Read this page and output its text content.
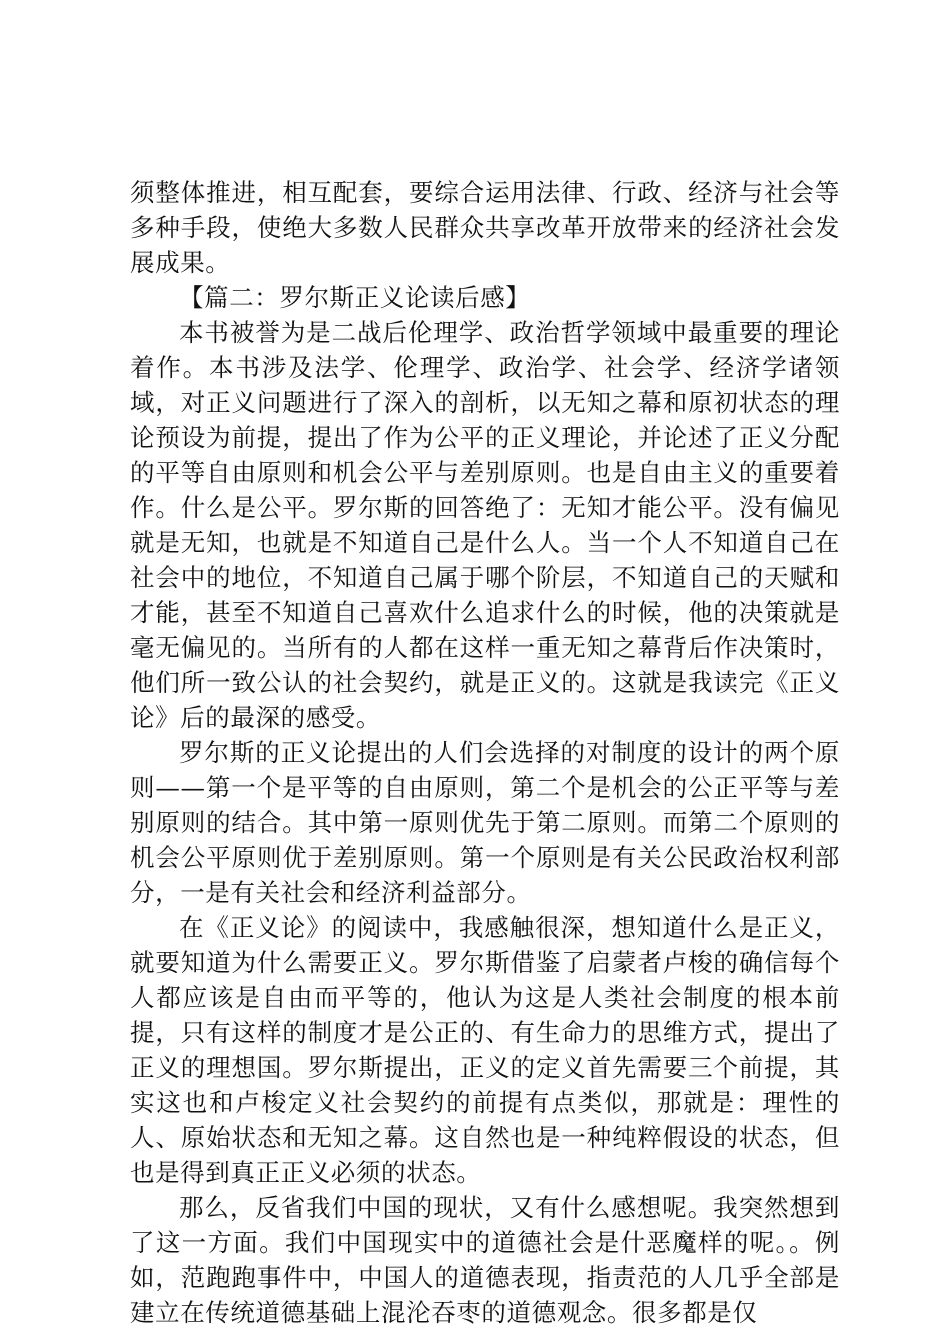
须整体推进，相互配套，要综合运用法律、行政、经济与社会等多种手段，使绝大多数人民群众共享改革开放带来的经济社会发展成果。

【篇二：罗尔斯正义论读后感】

本书被誉为是二战后伦理学、政治哲学领域中最重要的理论着作。本书涉及法学、伦理学、政治学、社会学、经济学诸领域，对正义问题进行了深入的剖析，以无知之幕和原初状态的理论预设为前提，提出了作为公平的正义理论，并论述了正义分配的平等自由原则和机会公平与差别原则。也是自由主义的重要着作。什么是公平。罗尔斯的回答绝了：无知才能公平。没有偏见就是无知，也就是不知道自己是什么人。当一个人不知道自己在社会中的地位，不知道自己属于哪个阶层，不知道自己的天赋和才能，甚至不知道自己喜欢什么追求什么的时候，他的决策就是毫无偏见的。当所有的人都在这样一重无知之幕背后作决策时，他们所一致公认的社会契约，就是正义的。这就是我读完《正义论》后的最深的感受。

罗尔斯的正义论提出的人们会选择的对制度的设计的两个原则——第一个是平等的自由原则，第二个是机会的公正平等与差别原则的结合。其中第一原则优先于第二原则。而第二个原则的机会公平原则优于差别原则。第一个原则是有关公民政治权利部分，一是有关社会和经济利益部分。

在《正义论》的阅读中，我感触很深，想知道什么是正义，就要知道为什么需要正义。罗尔斯借鉴了启蒙者卢梭的确信每个人都应该是自由而平等的，他认为这是人类社会制度的根本前提，只有这样的制度才是公正的、有生命力的思维方式，提出了正义的理想国。罗尔斯提出，正义的定义首先需要三个前提，其实这也和卢梭定义社会契约的前提有点类似，那就是：理性的人、原始状态和无知之幕。这自然也是一种纯粹假设的状态，但也是得到真正正义必须的状态。

那么，反省我们中国的现状，又有什么感想呢。我突然想到了这一方面。我们中国现实中的道德社会是什恶魔样的呢。。例如，范跑跑事件中，中国人的道德表现，指责范的人几乎全部是建立在传统道德基础上混沦吞枣的道德观念。很多都是仅
